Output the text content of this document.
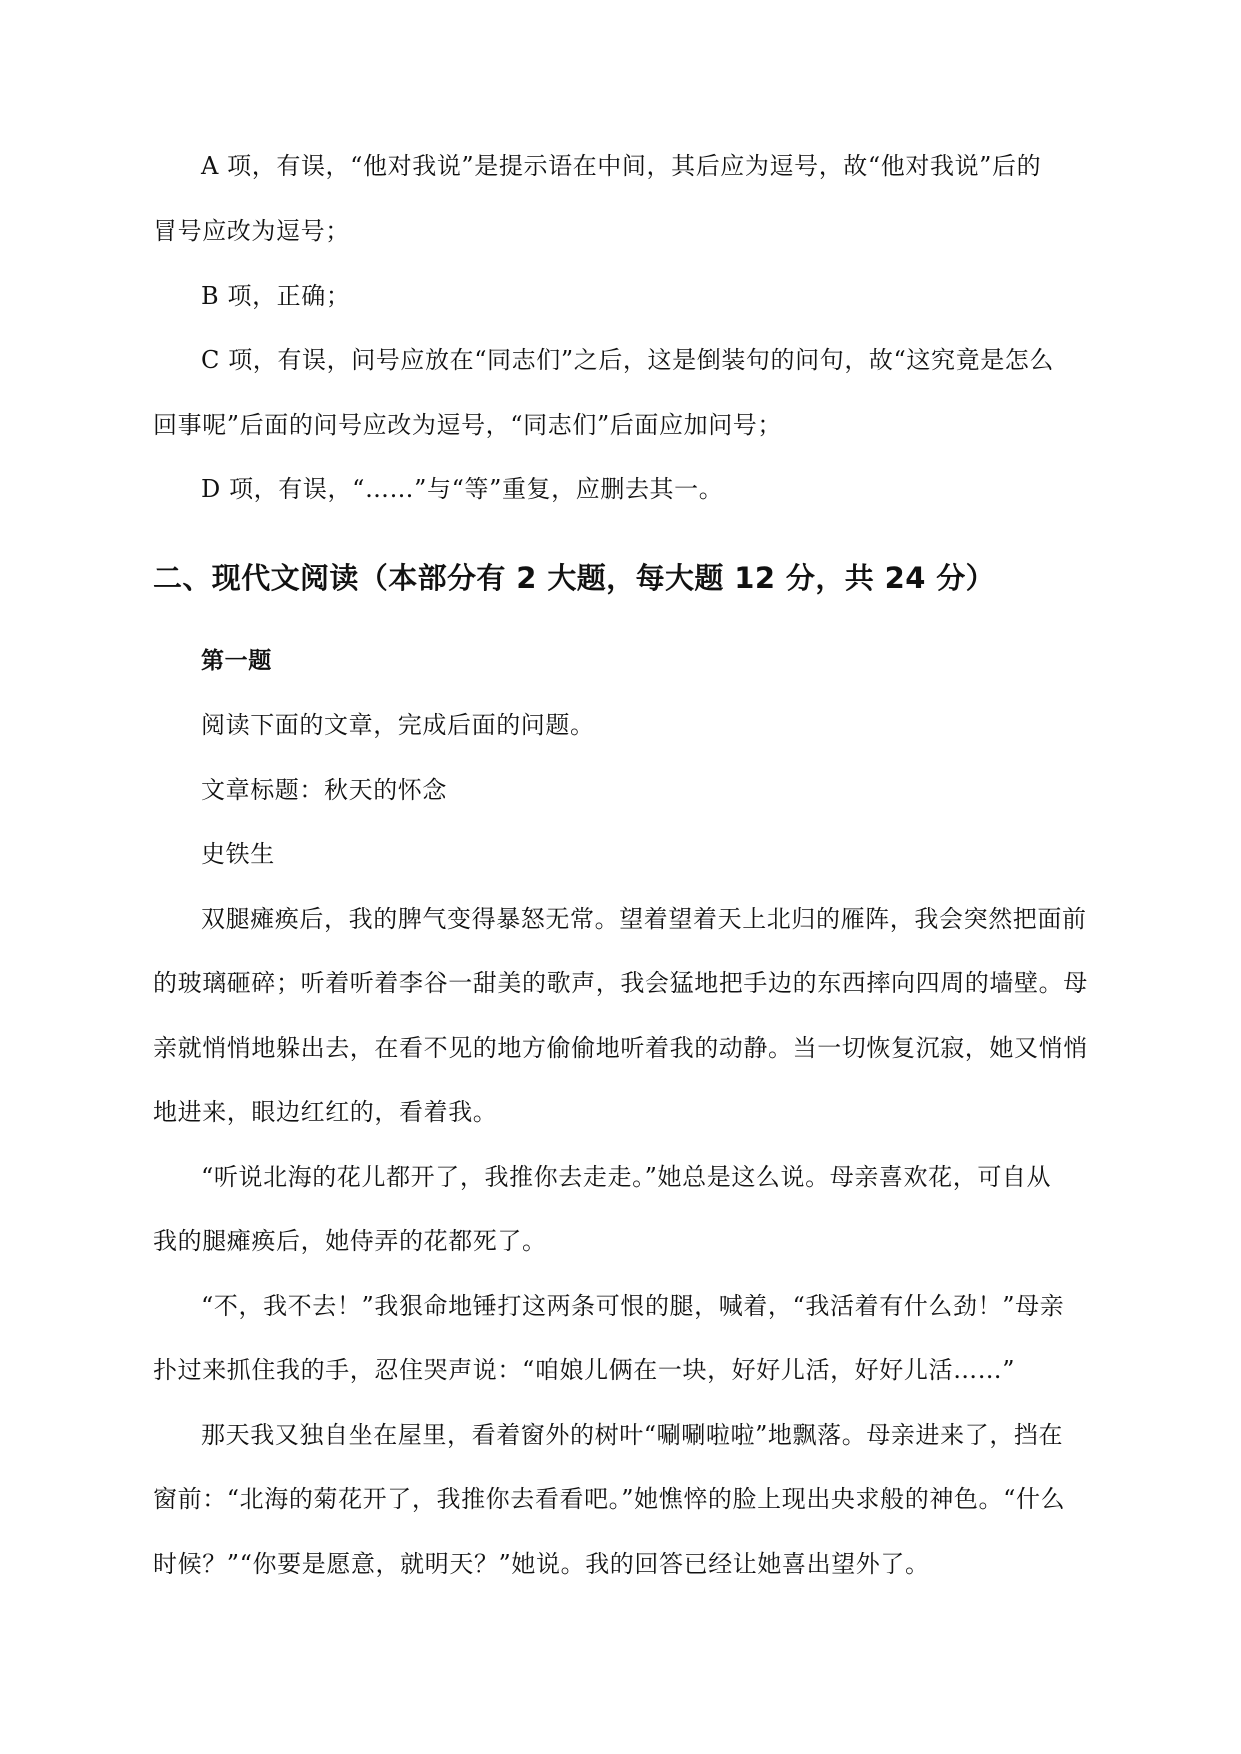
A 项，有误，“他对我说”是提示语在中间，其后应为逗号，故“他对我说”后的
冒号应改为逗号；
B 项，正确；
C 项，有误，问号应放在“同志们”之后，这是倒装句的问句，故“这究竟是怎么
回事呢”后面的问号应改为逗号，“同志们”后面应加问号；
D 项，有误，“……”与“等”重复，应删去其一。
二、现代文阅读（本部分有 2 大题，每大题 12 分，共 24 分）
第一题
阅读下面的文章，完成后面的问题。
文章标题：秋天的怀念
史铁生
双腿瘫痪后，我的脾气变得暴怒无常。望着望着天上北归的雁阵，我会突然把面前
的玻璃砸碎；听着听着李谷一甜美的歌声，我会猛地把手边的东西摔向四周的墙壁。母
亲就悄悄地躲出去，在看不见的地方偷偷地听着我的动静。当一切恢复沉寂，她又悄悄
地进来，眼边红红的，看着我。
“听说北海的花儿都开了，我推你去走走。”她总是这么说。母亲喜欢花，可自从
我的腿瘫痪后，她侍弄的花都死了。
“不，我不去！”我狠命地锤打这两条可恨的腿，喊着，“我活着有什么劲！”母亲
扑过来抓住我的手，忍住哭声说：“咱娘儿俩在一块，好好儿活，好好儿活……”
那天我又独自坐在屋里，看着窗外的树叶“唰唰啦啦”地飘落。母亲进来了，挡在
窗前：“北海的菊花开了，我推你去看看吧。”她憔悴的脸上现出央求般的神色。“什么
时候？”“你要是愿意，就明天？”她说。我的回答已经让她喜出望外了。
